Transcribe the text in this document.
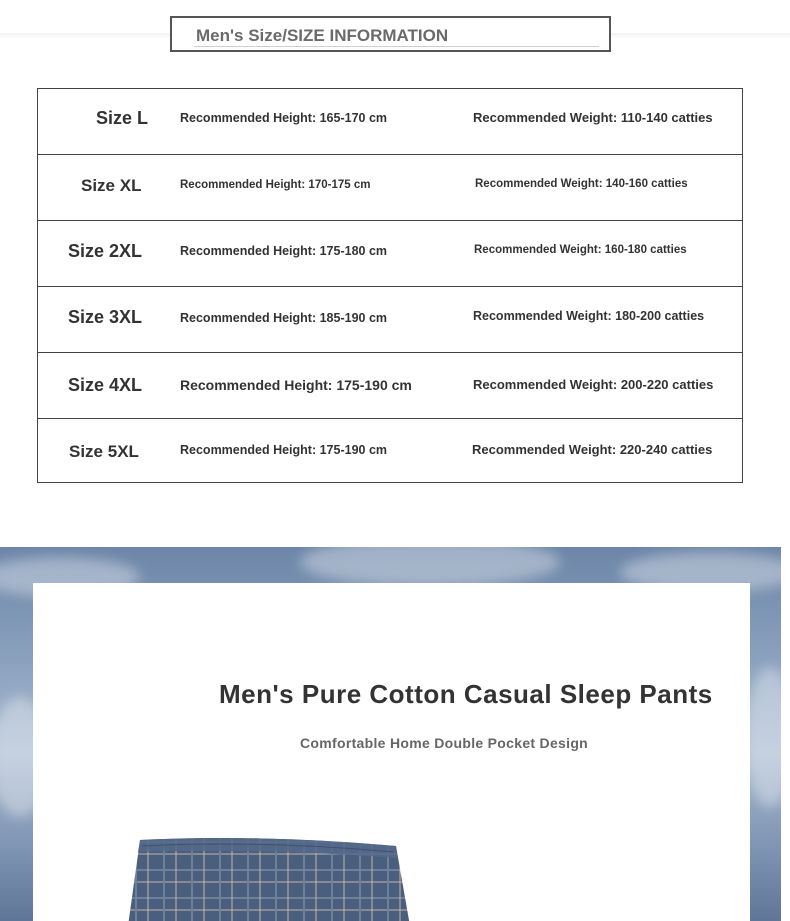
Men's Size/SIZE INFORMATION
Size L	Recommended Height: 165-170 cm	Recommended Weight: 110-140 catties
Size XL	Recommended Height: 170-175 cm	Recommended Weight: 140-160 catties
Size 2XL	Recommended Height: 175-180 cm	Recommended Weight: 160-180 catties
Size 3XL	Recommended Height: 185-190 cm	Recommended Weight: 180-200 catties
Size 4XL	Recommended Height: 175-190 cm	Recommended Weight: 200-220 catties
Size 5XL	Recommended Height: 175-190 cm	Recommended Weight: 220-240 catties
Men's Pure Cotton Casual Sleep Pants
Comfortable Home Double Pocket Design
